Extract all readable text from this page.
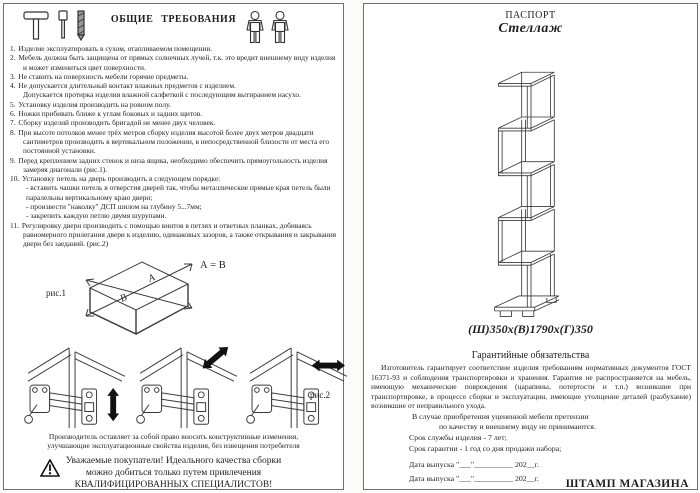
ОБЩИЕ ТРЕБОВАНИЯ
1. Изделие эксплуатировать в сухом, отапливаемом помещении.
2. Мебель должна быть защищена от прямых солнечных лучей, т.к. это вредит внешнему виду изделия и может измениться цвет поверхности.
3. Не ставить на поверхность мебели горячие предметы.
4. Не допускается длительный контакт влажных предметов с изделием.
Допускается протирка изделия влажной салфеткой с последующим вытиранием насухо.
5. Установку изделия производить на ровном полу.
6. Ножки прибивать ближе к углам боковых и задних щитов.
7. Сборку изделий производить бригадой не менее двух человек.
8. При высоте потолков менее трёх метров сборку изделия высотой более двух метров двадцати сантиметров производить в вертикальном положении, в непосредственной близости от места его постоянной установки.
9. Перед креплением задних стенок и низа ящика, необходимо обеспечить прямоугольность изделия замеряя диагонали (рис.1).
10. Установку петель на дверь производить в следующем порядке:
- вставить чашки петель в отверстия дверей так, чтобы металлические прямые края петель были паралельны вертикальному краю двери;
- произвести "наколку" ДСП шилом на глубину 5...7мм;
- закрепить каждую петлю двумя шурупами.
11. Регулировку двери производить с помощью винтов в петлях и ответных планках, добиваясь равномерного прилегания двери к изделию, одинаковых зазоров, а также открывания и закрывания двери без заеданий. (рис.2)
А
В
рис.1
А = В
рис.2
Производитель оставляет за собой право вносить конструктивные изменения,
улучшающие эксплуатационные свойства изделия, без извещения потребителя
Уважаемые покупатели! Идеального качества сборки
можно добиться только путем привлечения
КВАЛИФИЦИРОВАННЫХ СПЕЦИАЛИСТОВ!
ПАСПОРТ
Стеллаж
(Ш)350х(В)1790х(Г)350
Гарантийные обязательства
Изготовитель гарантирует соответствие изделия требованиям нормативных документов ГОСТ 16371-93 и соблюдения транспортировки и хранения. Гарантия не распространяется на мебель, имеющую механические повреждения (царапины, потертости и т.п.) возникшие при транспортировке, в процессе сборки и эксплуатации, имеющие утолщение деталей (разбухание) возникшие от неправильного ухода.
В случае приобретения уцененной мебели претензии
по качеству и внешнему виду не принимаются.
Срок службы изделия - 7 лет;
Срок гарантии - 1 год со дня продажи набора;
Дата выпуска "___"__________ 202__г.
Дата выпуска "___"__________ 202__г. ШТАМП МАГАЗИНА
